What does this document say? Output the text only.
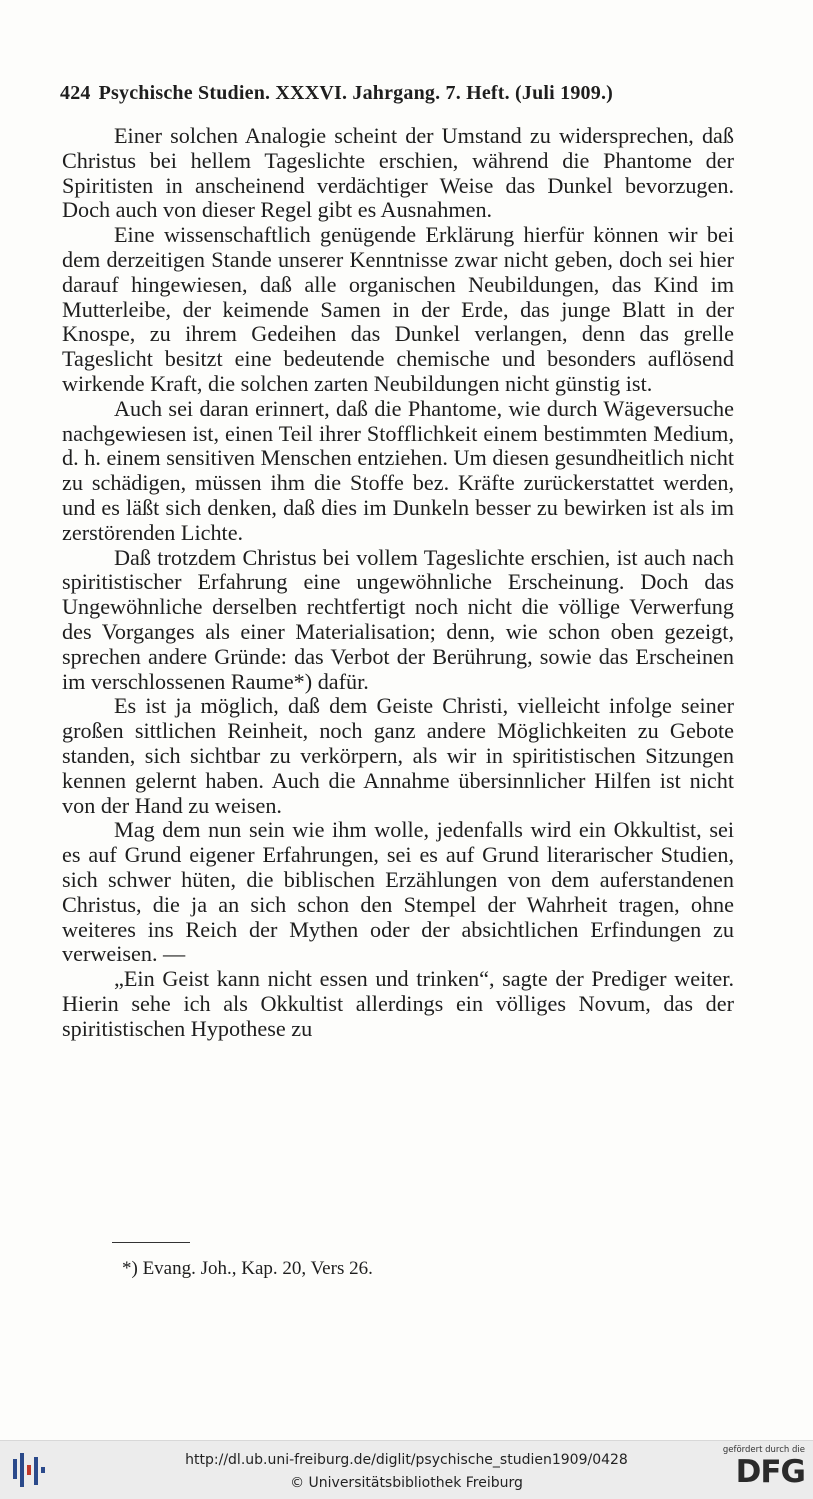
424 Psychische Studien. XXXVI. Jahrgang. 7. Heft. (Juli 1909.)

Einer solchen Analogie scheint der Umstand zu widersprechen, daß Christus bei hellem Tageslichte erschien, während die Phantome der Spiritisten in anscheinend verdächtiger Weise das Dunkel bevorzugen. Doch auch von dieser Regel gibt es Ausnahmen.

Eine wissenschaftlich genügende Erklärung hierfür können wir bei dem derzeitigen Stande unserer Kenntnisse zwar nicht geben, doch sei hier darauf hingewiesen, daß alle organischen Neubildungen, das Kind im Mutterleibe, der keimende Samen in der Erde, das junge Blatt in der Knospe, zu ihrem Gedeihen das Dunkel verlangen, denn das grelle Tageslicht besitzt eine bedeutende chemische und besonders auflösend wirkende Kraft, die solchen zarten Neubildungen nicht günstig ist.

Auch sei daran erinnert, daß die Phantome, wie durch Wägeversuche nachgewiesen ist, einen Teil ihrer Stofflichkeit einem bestimmten Medium, d. h. einem sensitiven Menschen entziehen. Um diesen gesundheitlich nicht zu schädigen, müssen ihm die Stoffe bez. Kräfte zurückerstattet werden, und es läßt sich denken, daß dies im Dunkeln besser zu bewirken ist als im zerstörenden Lichte.

Daß trotzdem Christus bei vollem Tageslichte erschien, ist auch nach spiritistischer Erfahrung eine ungewöhnliche Erscheinung. Doch das Ungewöhnliche derselben rechtfertigt noch nicht die völlige Verwerfung des Vorganges als einer Materialisation; denn, wie schon oben gezeigt, sprechen andere Gründe: das Verbot der Berührung, sowie das Erscheinen im verschlossenen Raume*) dafür.

Es ist ja möglich, daß dem Geiste Christi, vielleicht infolge seiner großen sittlichen Reinheit, noch ganz andere Möglichkeiten zu Gebote standen, sich sichtbar zu verkörpern, als wir in spiritistischen Sitzungen kennen gelernt haben. Auch die Annahme übersinnlicher Hilfen ist nicht von der Hand zu weisen.

Mag dem nun sein wie ihm wolle, jedenfalls wird ein Okkultist, sei es auf Grund eigener Erfahrungen, sei es auf Grund literarischer Studien, sich schwer hüten, die biblischen Erzählungen von dem auferstandenen Christus, die ja an sich schon den Stempel der Wahrheit tragen, ohne weiteres ins Reich der Mythen oder der absichtlichen Erfindungen zu verweisen. —

„Ein Geist kann nicht essen und trinken“, sagte der Prediger weiter. Hierin sehe ich als Okkultist allerdings ein völliges Novum, das der spiritistischen Hypothese zu

*) Evang. Joh., Kap. 20, Vers 26.
http://dl.ub.uni-freiburg.de/diglit/psychische_studien1909/0428
© Universitätsbibliothek Freiburg
gefördert durch die
DFG
